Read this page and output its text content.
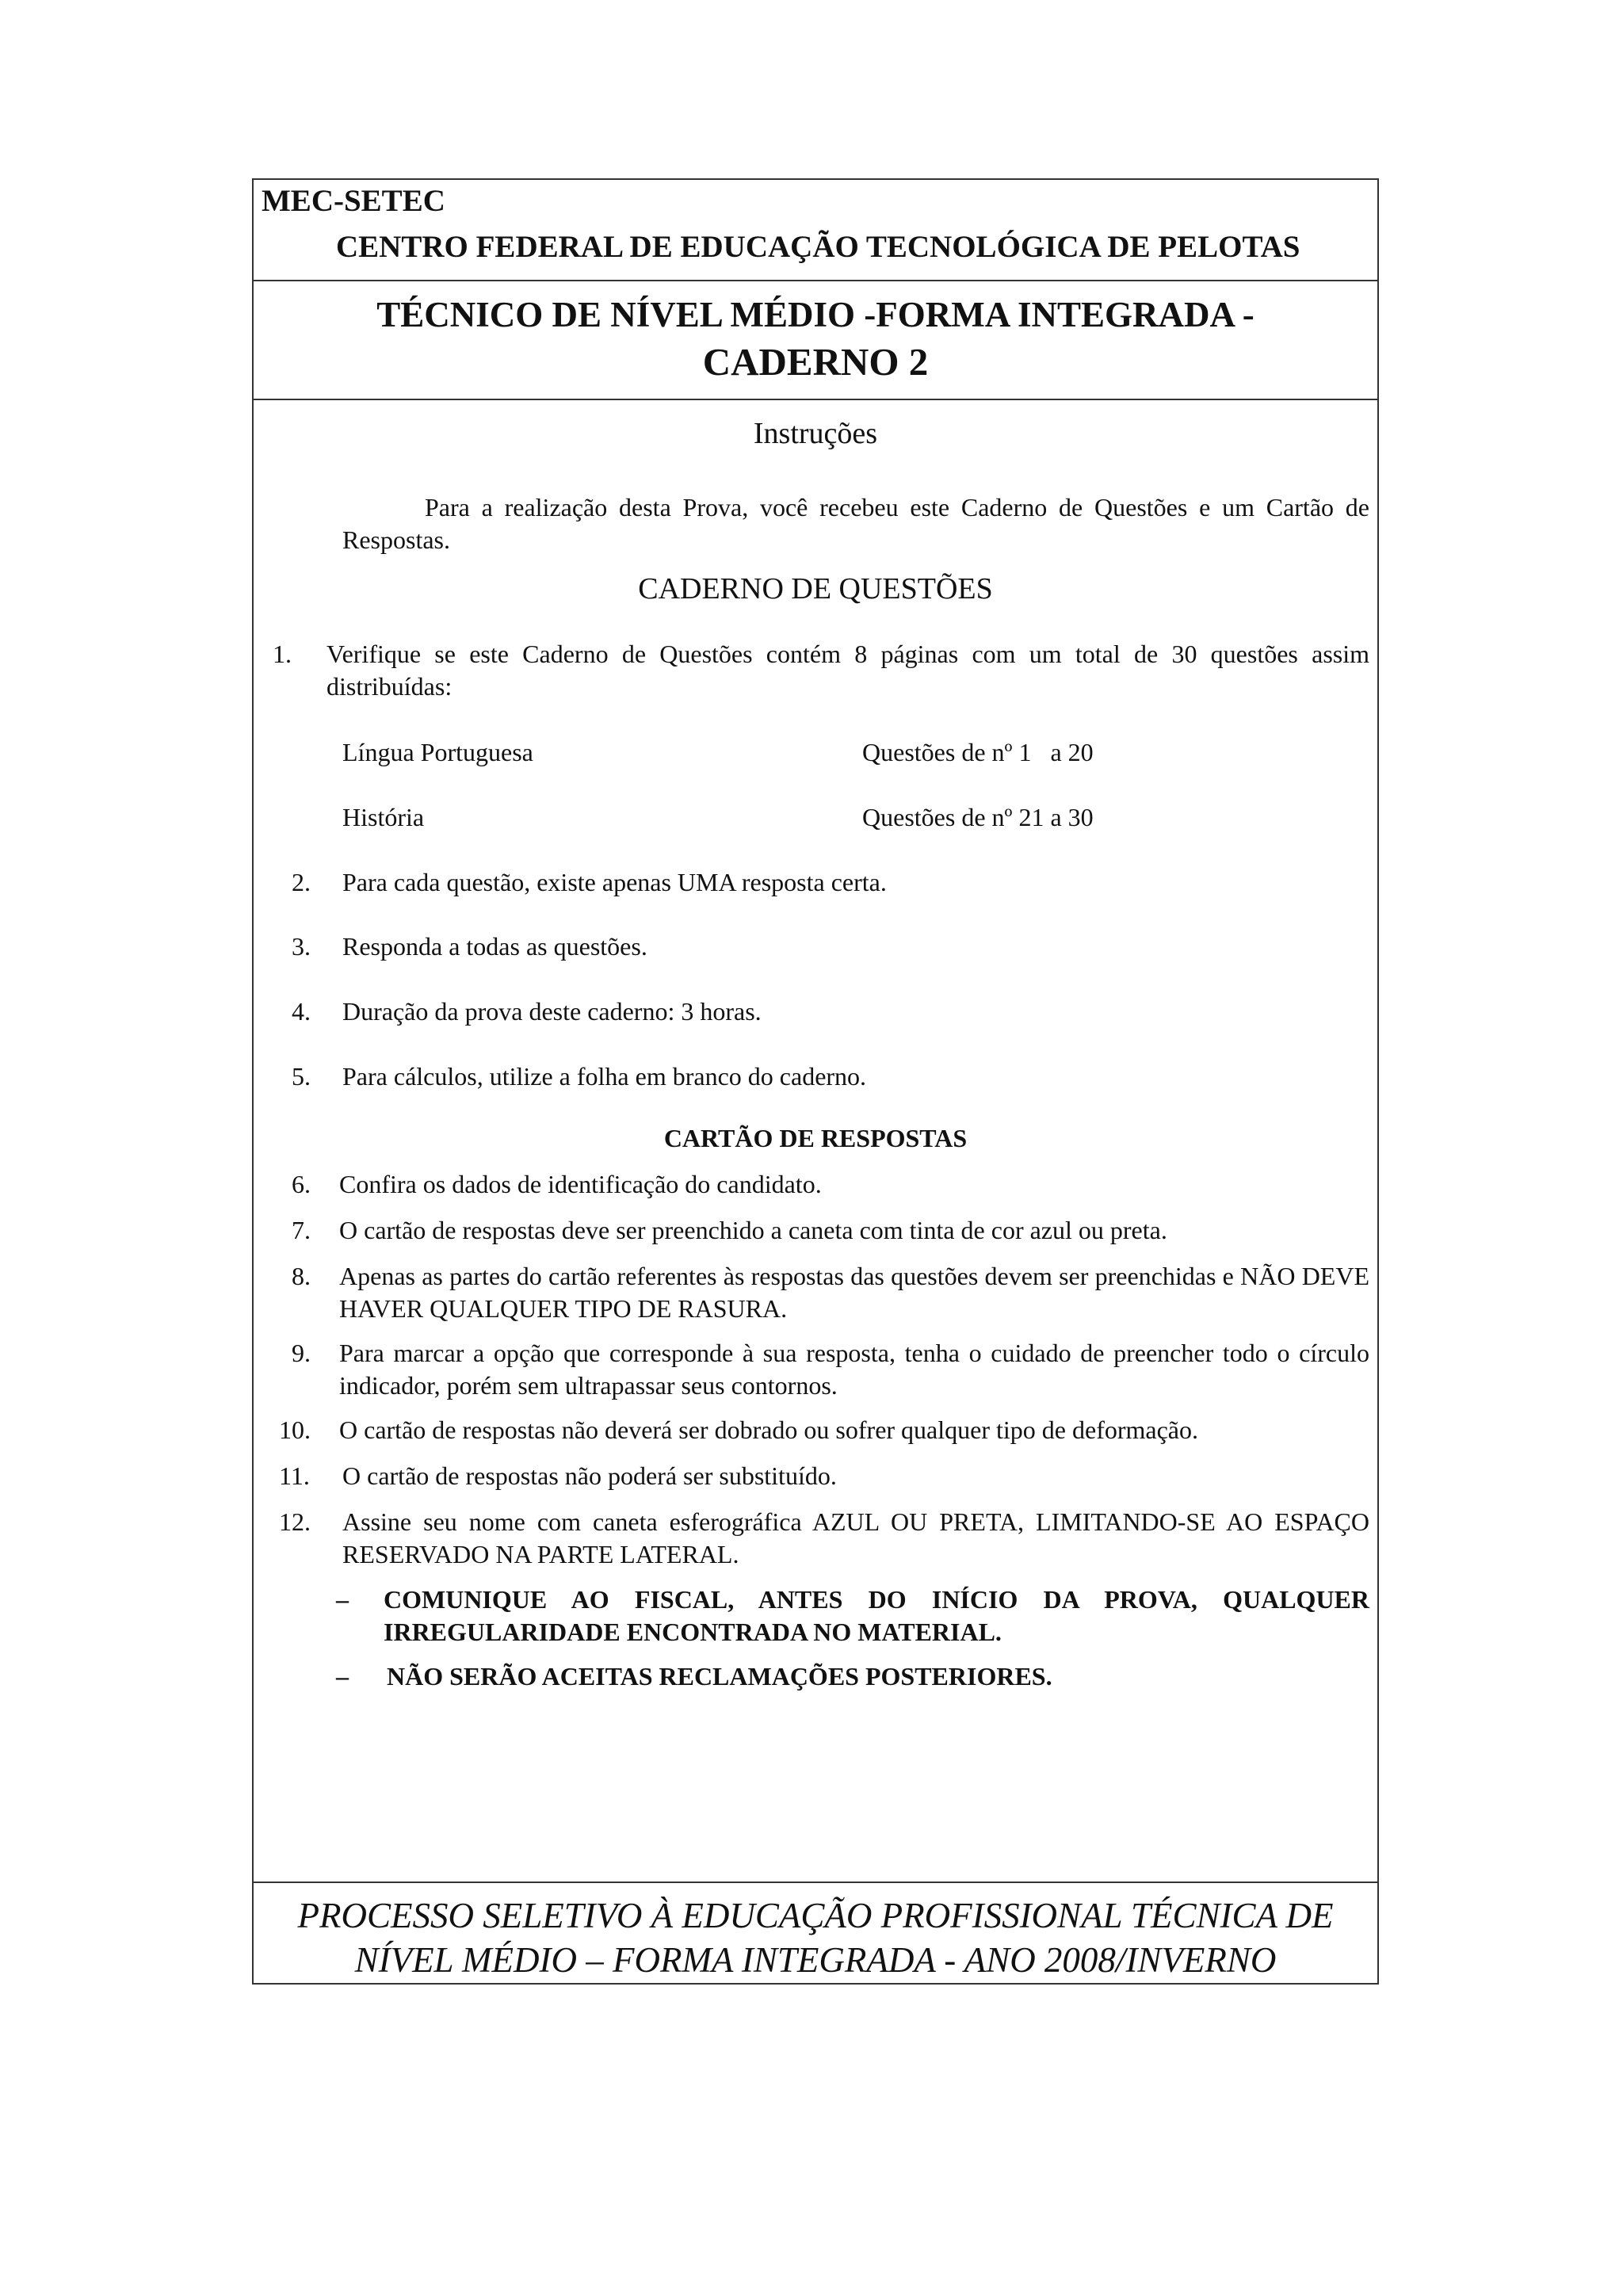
MEC-SETEC
CENTRO FEDERAL DE EDUCAÇÃO TECNOLÓGICA DE PELOTAS
TÉCNICO DE NÍVEL MÉDIO -FORMA INTEGRADA -
CADERNO 2
Instruções
Para a realização desta Prova, você recebeu este Caderno de Questões e um Cartão de Respostas.
CADERNO DE QUESTÕES
1. Verifique se este Caderno de Questões contém 8 páginas com um total de 30 questões assim distribuídas:
Língua Portuguesa	Questões de nº 1   a 20
História	Questões de nº 21 a 30
2. Para cada questão, existe apenas UMA resposta certa.
3. Responda a todas as questões.
4. Duração da prova deste caderno: 3 horas.
5. Para cálculos, utilize a folha em branco do caderno.
CARTÃO DE RESPOSTAS
6. Confira os dados de identificação do candidato.
7. O cartão de respostas deve ser preenchido a caneta com tinta de cor azul ou preta.
8. Apenas as partes do cartão referentes às respostas das questões devem ser preenchidas e NÃO DEVE HAVER QUALQUER TIPO DE RASURA.
9. Para marcar a opção que corresponde à sua resposta, tenha o cuidado de preencher todo o círculo indicador, porém sem ultrapassar seus contornos.
10. O cartão de respostas não deverá ser dobrado ou sofrer qualquer tipo de deformação.
11. O cartão de respostas não poderá ser substituído.
12. Assine seu nome com caneta esferográfica AZUL OU PRETA, LIMITANDO-SE AO ESPAÇO RESERVADO NA PARTE LATERAL.
– COMUNIQUE AO FISCAL, ANTES DO INÍCIO DA PROVA, QUALQUER IRREGULARIDADE ENCONTRADA NO MATERIAL.
– NÃO SERÃO ACEITAS RECLAMAÇÕES POSTERIORES.
PROCESSO SELETIVO À EDUCAÇÃO PROFISSIONAL TÉCNICA DE
NÍVEL MÉDIO – FORMA INTEGRADA - ANO 2008/INVERNO
